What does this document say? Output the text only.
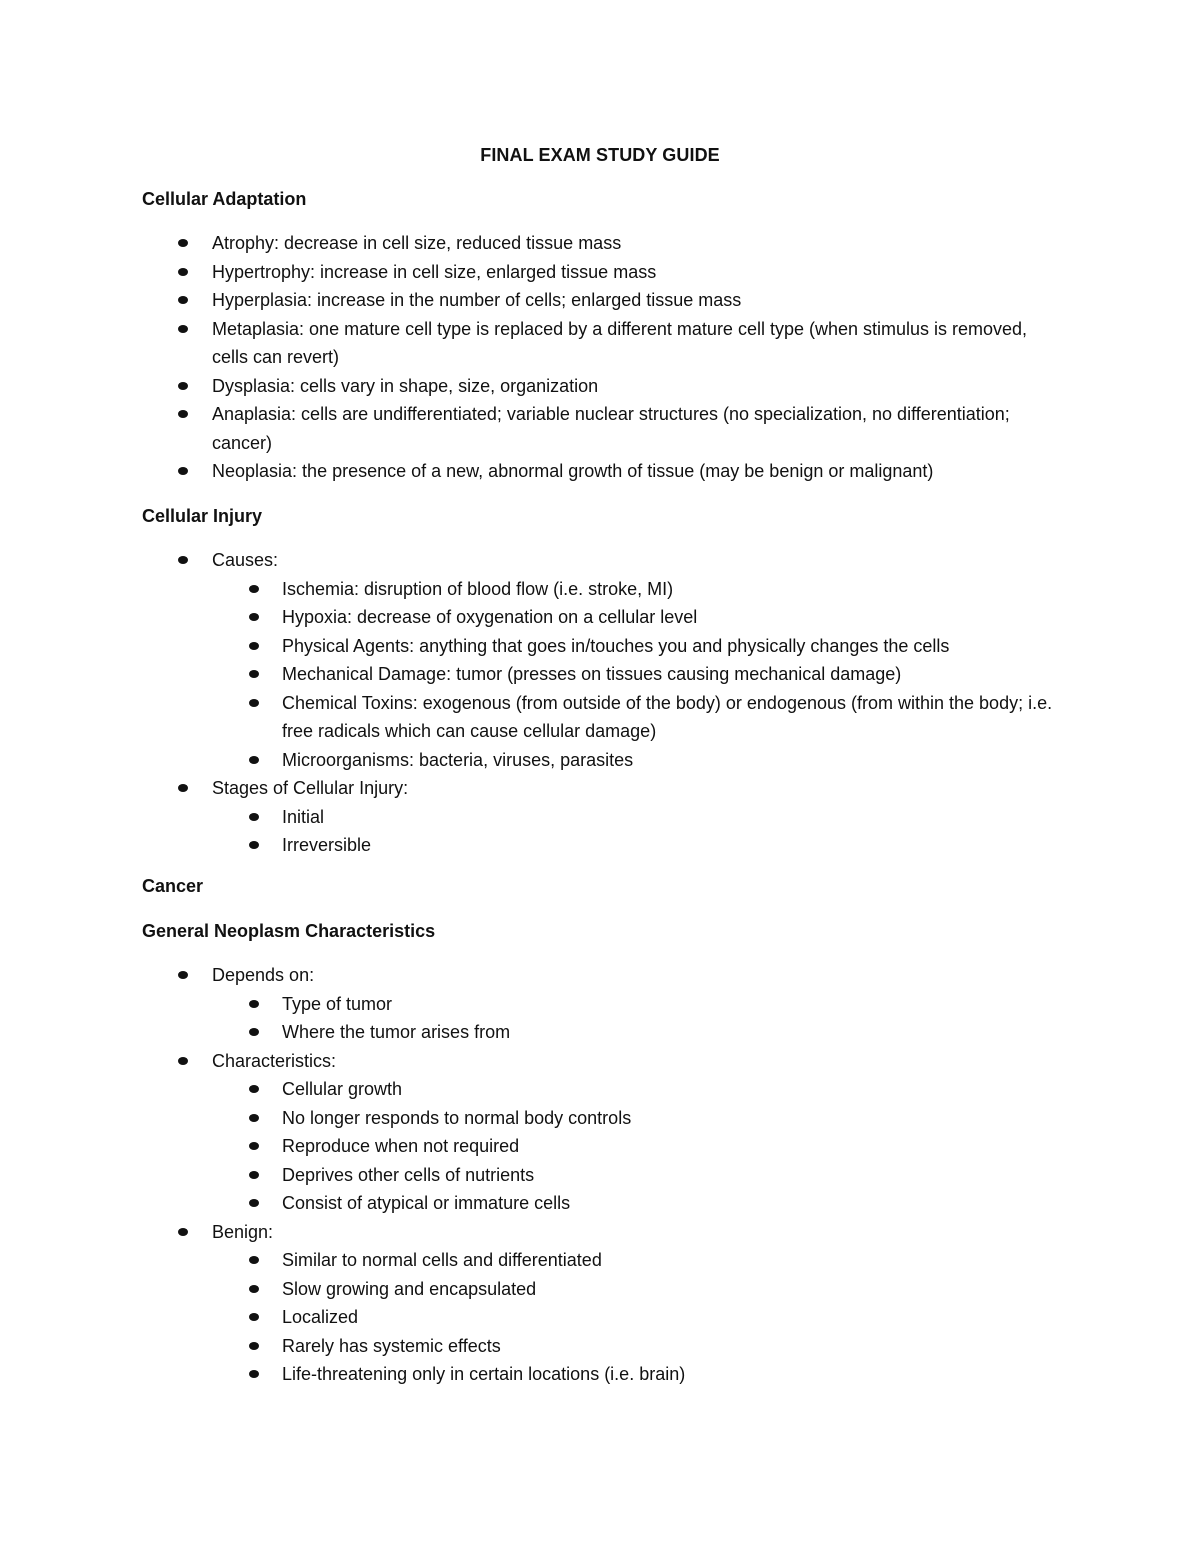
FINAL EXAM STUDY GUIDE
Cellular Adaptation
Atrophy: decrease in cell size, reduced tissue mass
Hypertrophy: increase in cell size, enlarged tissue mass
Hyperplasia: increase in the number of cells; enlarged tissue mass
Metaplasia: one mature cell type is replaced by a different mature cell type (when stimulus is removed, cells can revert)
Dysplasia: cells vary in shape, size, organization
Anaplasia: cells are undifferentiated; variable nuclear structures (no specialization, no differentiation; cancer)
Neoplasia: the presence of a new, abnormal growth of tissue (may be benign or malignant)
Cellular Injury
Causes:
Ischemia: disruption of blood flow (i.e. stroke, MI)
Hypoxia: decrease of oxygenation on a cellular level
Physical Agents: anything that goes in/touches you and physically changes the cells
Mechanical Damage: tumor (presses on tissues causing mechanical damage)
Chemical Toxins: exogenous (from outside of the body) or endogenous (from within the body; i.e. free radicals which can cause cellular damage)
Microorganisms: bacteria, viruses, parasites
Stages of Cellular Injury:
Initial
Irreversible
Cancer
General Neoplasm Characteristics
Depends on:
Type of tumor
Where the tumor arises from
Characteristics:
Cellular growth
No longer responds to normal body controls
Reproduce when not required
Deprives other cells of nutrients
Consist of atypical or immature cells
Benign:
Similar to normal cells and differentiated
Slow growing and encapsulated
Localized
Rarely has systemic effects
Life-threatening only in certain locations (i.e. brain)
